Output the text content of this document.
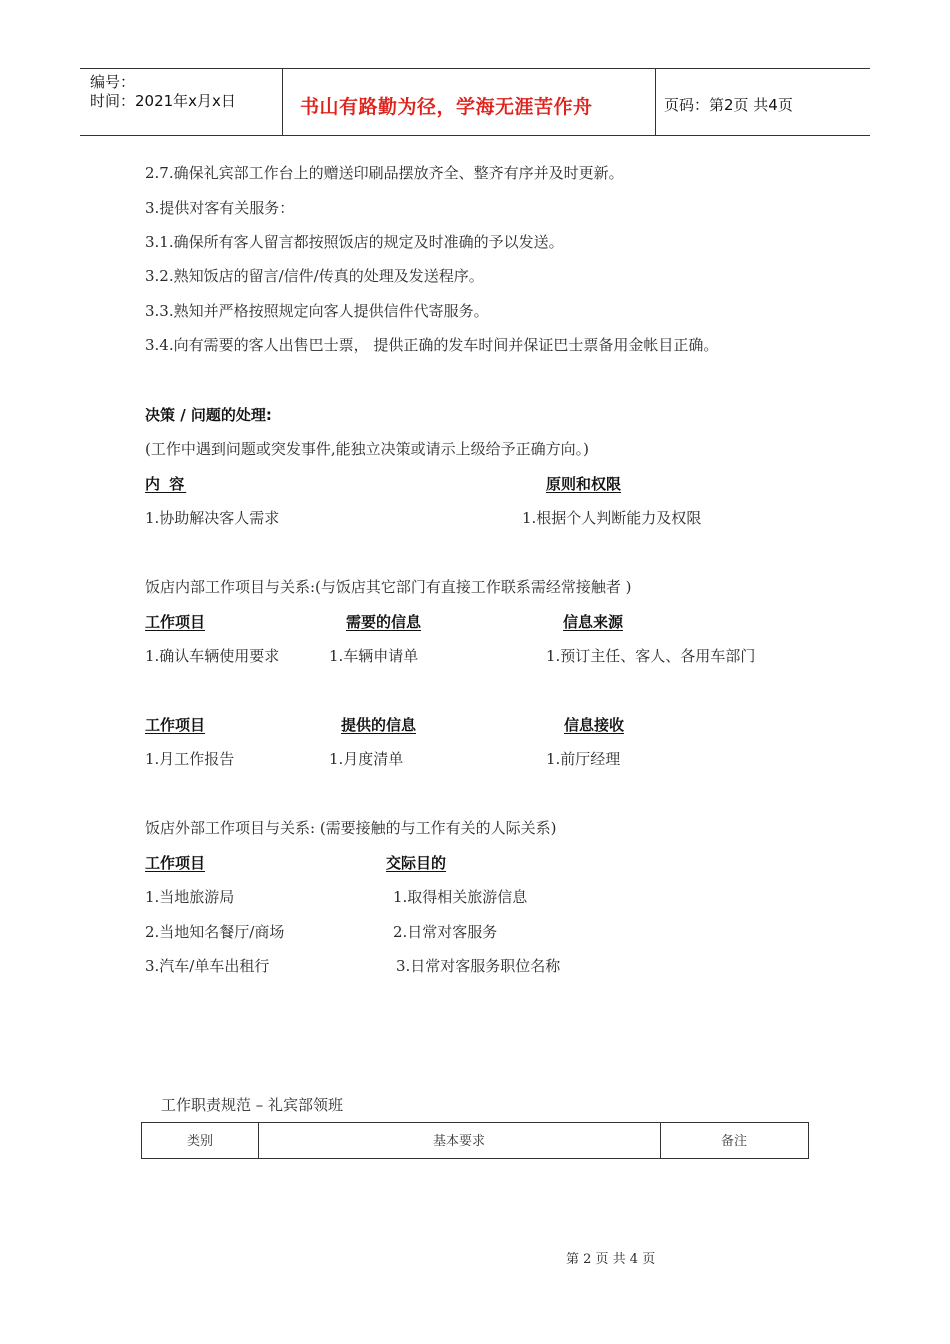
编号：
时间：2021年x月x日	书山有路勤为径，学海无涯苦作舟	页码：第2页 共4页
2.7.确保礼宾部工作台上的赠送印刷品摆放齐全、整齐有序并及时更新。
3.提供对客有关服务：
3.1.确保所有客人留言都按照饭店的规定及时准确的予以发送。
3.2.熟知饭店的留言/信件/传真的处理及发送程序。
3.3.熟知并严格按照规定向客人提供信件代寄服务。
3.4.向有需要的客人出售巴士票， 提供正确的发车时间并保证巴士票备用金帐目正确。
决策 / 问题的处理:
(工作中遇到问题或突发事件,能独立决策或请示上级给予正确方向。)
内 容	原则和权限
1.协助解决客人需求	1.根据个人判断能力及权限
饭店内部工作项目与关系:(与饭店其它部门有直接工作联系需经常接触者 )
工作项目	需要的信息	信息来源
1.确认车辆使用要求	1.车辆申请单	1.预订主任、客人、各用车部门
工作项目	提供的信息	信息接收
1.月工作报告	1.月度清单	1.前厅经理
饭店外部工作项目与关系: (需要接触的与工作有关的人际关系)
工作项目	交际目的
1.当地旅游局	1.取得相关旅游信息
2.当地知名餐厅/商场	2.日常对客服务
3.汽车/单车出租行	3.日常对客服务职位名称
工作职责规范 – 礼宾部领班
类别	基本要求	备注
第 2 页 共 4 页
